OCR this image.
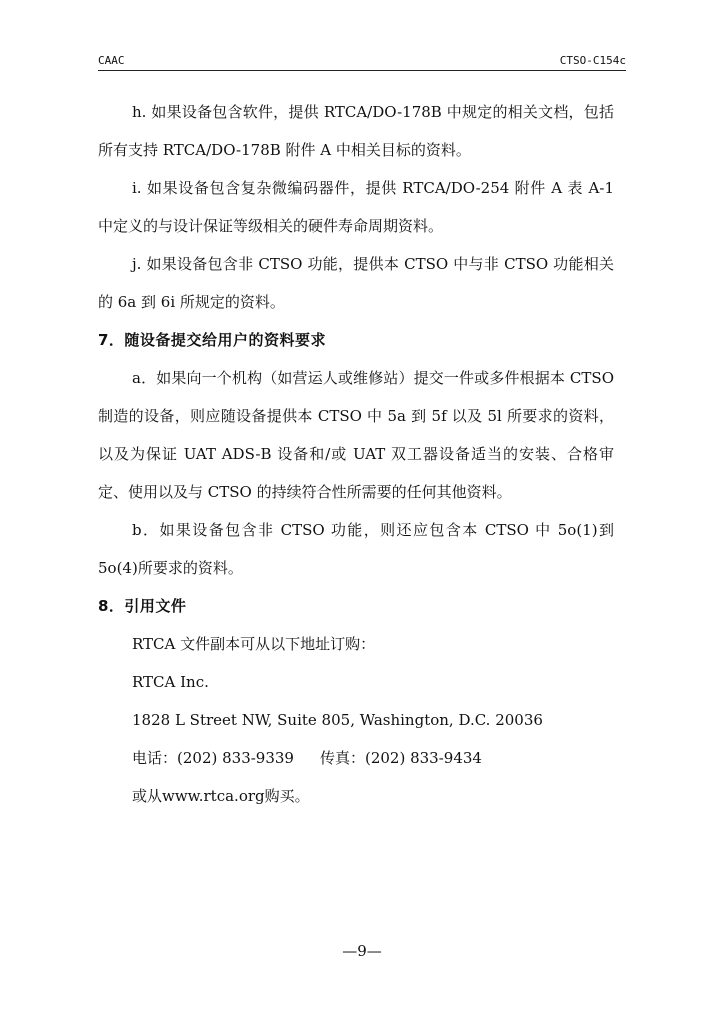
CAAC	CTSO-C154c

h. 如果设备包含软件，提供 RTCA/DO-178B 中规定的相关文档，包括所有支持 RTCA/DO-178B 附件 A 中相关目标的资料。

i. 如果设备包含复杂微编码器件，提供 RTCA/DO-254 附件 A 表 A-1 中定义的与设计保证等级相关的硬件寿命周期资料。

j. 如果设备包含非 CTSO 功能，提供本 CTSO 中与非 CTSO 功能相关的 6a 到 6i 所规定的资料。

7．随设备提交给用户的资料要求

a．如果向一个机构（如营运人或维修站）提交一件或多件根据本 CTSO 制造的设备，则应随设备提供本 CTSO 中 5a 到 5f 以及 5l 所要求的资料，以及为保证 UAT ADS-B 设备和/或 UAT 双工器设备适当的安装、合格审定、使用以及与 CTSO 的持续符合性所需要的任何其他资料。

b．如果设备包含非 CTSO 功能，则还应包含本 CTSO 中 5o(1)到 5o(4)所要求的资料。

8．引用文件

RTCA 文件副本可从以下地址订购：

RTCA Inc.

1828 L Street NW, Suite 805, Washington, D.C. 20036

电话：(202) 833-9339 传真：(202) 833-9434

或从www.rtca.org购买。

—9—
